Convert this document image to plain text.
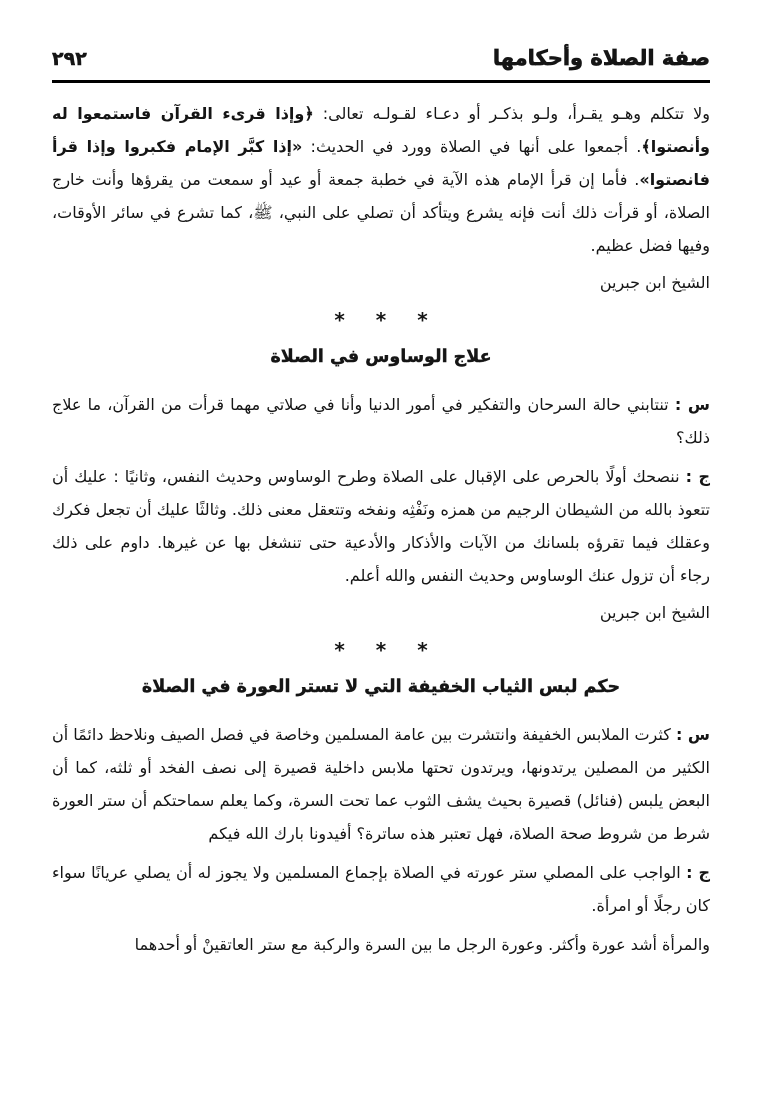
صفة الصلاة وأحكامها
٢٩٢

ولا تتكلم وهـو يقـرأ، ولـو بذكـر أو دعـاء لقـولـه تعالى: ﴿وإذا قرىء القرآن فاستمعوا له وأنصتوا﴾. أجمعوا على أنها في الصلاة وورد في الحديث: «إذا كبَّر الإمام فكبروا وإذا قرأ فانصتوا». فأما إن قرأ الإمام هذه الآية في خطبة جمعة أو عيد أو سمعت من يقرؤها وأنت خارج الصلاة، أو قرأت ذلك أنت فإنه يشرع ويتأكد أن تصلي على النبي، ﷺ، كما تشرع في سائر الأوقات، وفيها فضل عظيم.

الشيخ ابن جبرين

* * *
علاج الوساوس في الصلاة

س : تنتابني حالة السرحان والتفكير في أمور الدنيا وأنا في صلاتي مهما قرأت من القرآن، ما علاج ذلك؟

ج : ننصحك أولًا بالحرص على الإقبال على الصلاة وطرح الوساوس وحديث النفس، وثانيًا : عليك أن تتعوذ بالله من الشيطان الرجيم من همزه ونَفْثِه ونفخه وتتعقل معنى ذلك. وثالثًا عليك أن تجعل فكرك وعقلك فيما تقرؤه بلسانك من الآيات والأذكار والأدعية حتى تنشغل بها عن غيرها. داوم على ذلك رجاء أن تزول عنك الوساوس وحديث النفس والله أعلم.

الشيخ ابن جبرين

* * *
حكم لبس الثياب الخفيفة التي لا تستر العورة في الصلاة

س : كثرت الملابس الخفيفة وانتشرت بين عامة المسلمين وخاصة في فصل الصيف ونلاحظ دائمًا أن الكثير من المصلين يرتدونها، ويرتدون تحتها ملابس داخلية قصيرة إلى نصف الفخد أو ثلثه، كما أن البعض يلبس (فنائل) قصيرة بحيث يشف الثوب عما تحت السرة، وكما يعلم سماحتكم أن ستر العورة شرط من شروط صحة الصلاة، فهل تعتبر هذه ساترة؟ أفيدونا بارك الله فيكم

ج : الواجب على المصلي ستر عورته في الصلاة بإجماع المسلمين ولا يجوز له أن يصلي عريانًا سواء كان رجلًا أو امرأة.

والمرأة أشد عورة وأكثر. وعورة الرجل ما بين السرة والركبة مع ستر العاتقينْ أو أحدهما
